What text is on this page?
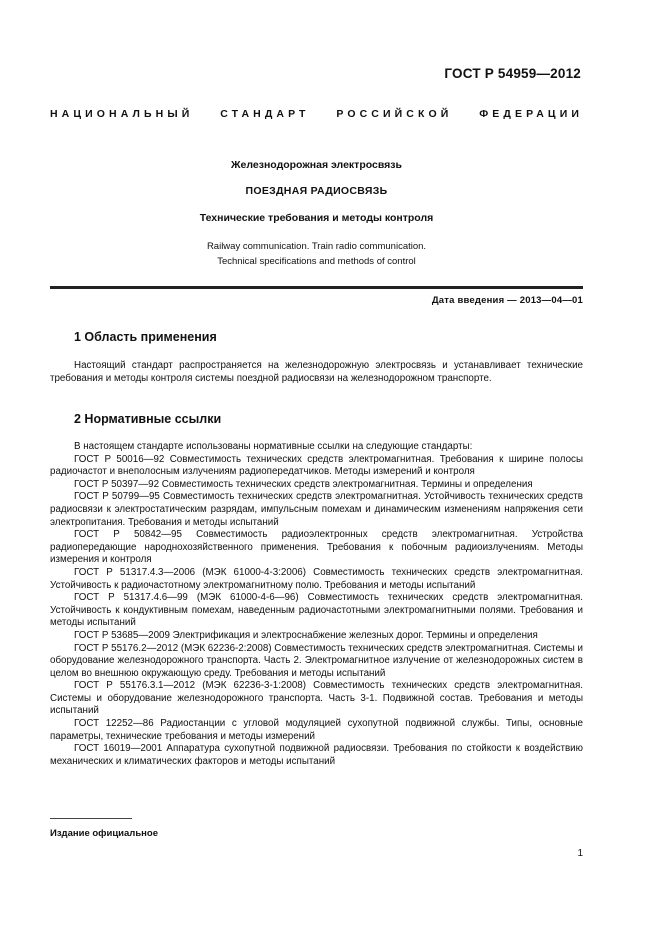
ГОСТ Р 54959—2012
НАЦИОНАЛЬНЫЙ СТАНДАРТ РОССИЙСКОЙ ФЕДЕРАЦИИ
Железнодорожная электросвязь
ПОЕЗДНАЯ РАДИОСВЯЗЬ
Технические требования и методы контроля
Railway communication. Train radio communication.
Technical specifications and methods of control
Дата введения — 2013—04—01
1 Область применения

Настоящий стандарт распространяется на железнодорожную электросвязь и устанавливает технические требования и методы контроля системы поездной радиосвязи на железнодорожном транспорте.

2 Нормативные ссылки

В настоящем стандарте использованы нормативные ссылки на следующие стандарты:

ГОСТ Р 50016—92 Совместимость технических средств электромагнитная. Требования к ширине полосы радиочастот и внеполосным излучениям радиопередатчиков. Методы измерений и контроля

ГОСТ Р 50397—92 Совместимость технических средств электромагнитная. Термины и определения

ГОСТ Р 50799—95 Совместимость технических средств электромагнитная. Устойчивость технических средств радиосвязи к электростатическим разрядам, импульсным помехам и динамическим изменениям напряжения сети электропитания. Требования и методы испытаний

ГОСТ Р 50842—95 Совместимость радиоэлектронных средств электромагнитная. Устройства радиопередающие народнохозяйственного применения. Требования к побочным радиоизлучениям. Методы измерения и контроля

ГОСТ Р 51317.4.3—2006 (МЭК 61000-4-3:2006) Совместимость технических средств электромагнитная. Устойчивость к радиочастотному электромагнитному полю. Требования и методы испытаний

ГОСТ Р 51317.4.6—99 (МЭК 61000-4-6—96) Совместимость технических средств электромагнитная. Устойчивость к кондуктивным помехам, наведенным радиочастотными электромагнитными полями. Требования и методы испытаний

ГОСТ Р 53685—2009 Электрификация и электроснабжение железных дорог. Термины и определения

ГОСТ Р 55176.2—2012 (МЭК 62236-2:2008) Совместимость технических средств электромагнитная. Системы и оборудование железнодорожного транспорта. Часть 2. Электромагнитное излучение от железнодорожных систем в целом во внешнюю окружающую среду. Требования и методы испытаний

ГОСТ Р 55176.3.1—2012 (МЭК 62236-3-1:2008) Совместимость технических средств электромагнитная. Системы и оборудование железнодорожного транспорта. Часть 3-1. Подвижной состав. Требования и методы испытаний

ГОСТ 12252—86 Радиостанции с угловой модуляцией сухопутной подвижной службы. Типы, основные параметры, технические требования и методы измерений

ГОСТ 16019—2001 Аппаратура сухопутной подвижной радиосвязи. Требования по стойкости к воздействию механических и климатических факторов и методы испытаний

Издание официальное
1
